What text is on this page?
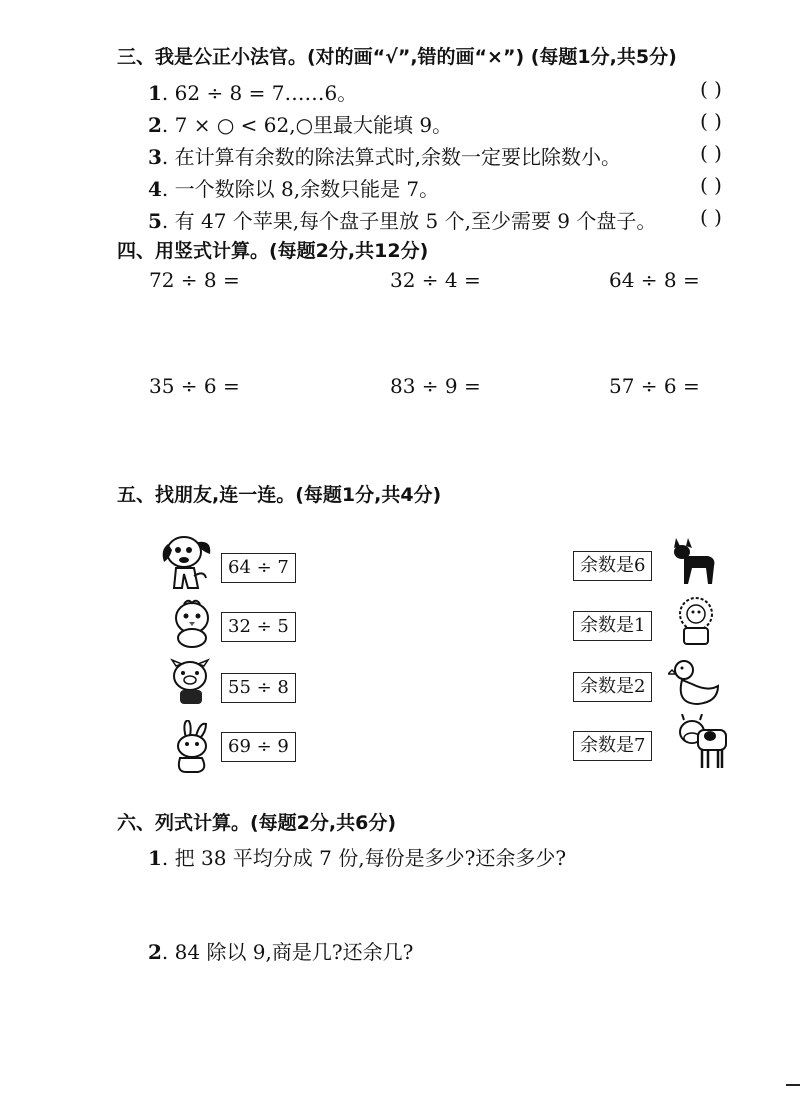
三、我是公正小法官。(对的画“√”,错的画“×”) (每题1分,共5分)
1. 62 ÷ 8 = 7……6。	( )
2. 7 × ○ < 62,○里最大能填 9。	( )
3. 在计算有余数的除法算式时,余数一定要比除数小。	( )
4. 一个数除以 8,余数只能是 7。	( )
5. 有 47 个苹果,每个盘子里放 5 个,至少需要 9 个盘子。 ( )
四、用竖式计算。(每题2分,共12分)
72 ÷ 8 =	32 ÷ 4 =	64 ÷ 8 =
35 ÷ 6 =	83 ÷ 9 =	57 ÷ 6 =
五、找朋友,连一连。(每题1分,共4分)
64 ÷ 7
32 ÷ 5
55 ÷ 8
69 ÷ 9
余数是6
余数是1
余数是2
余数是7
六、列式计算。(每题2分,共6分)
1. 把 38 平均分成 7 份,每份是多少?还余多少?
2. 84 除以 9,商是几?还余几?
